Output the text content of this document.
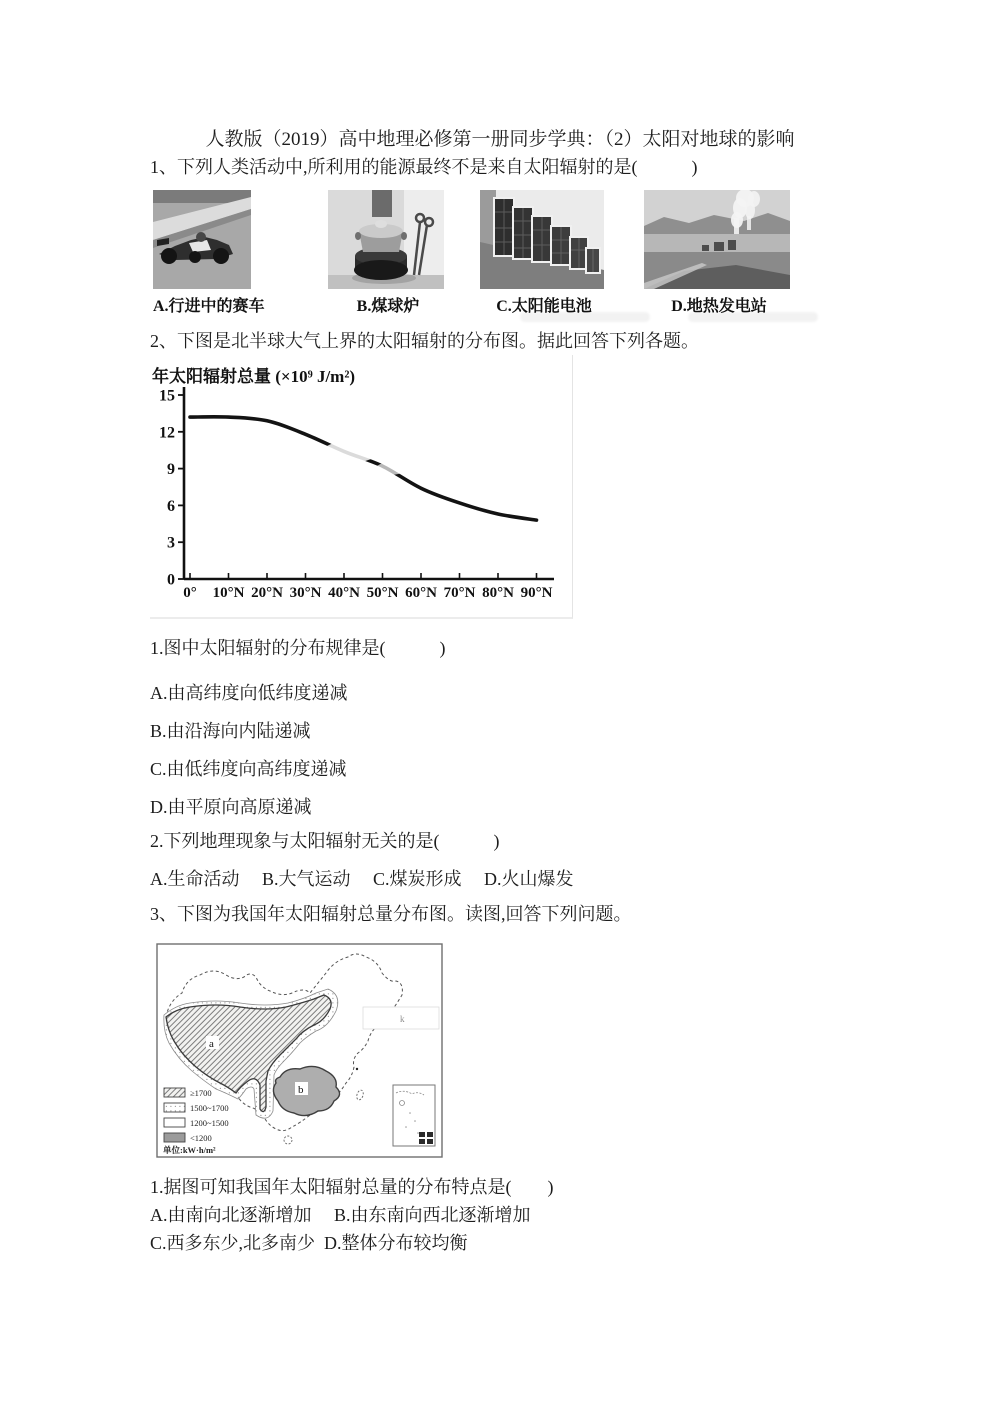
人教版（2019）高中地理必修第一册同步学典：（2）太阳对地球的影响
1、下列人类活动中,所利用的能源最终不是来自太阳辐射的是(　　　)
A.行进中的赛车	B.煤球炉	C.太阳能电池	D.地热发电站
2、下图是北半球大气上界的太阳辐射的分布图。据此回答下列各题。
年太阳辐射总量 (×10⁹ J/m²)
0
3
6
9
12
15
0° 10°N 20°N 30°N 40°N 50°N 60°N 70°N 80°N 90°N
1.图中太阳辐射的分布规律是(　　　)
A.由高纬度向低纬度递减
B.由沿海向内陆递减
C.由低纬度向高纬度递减
D.由平原向高原递减
2.下列地理现象与太阳辐射无关的是(　　　)
A.生命活动　 B.大气运动 　C.煤炭形成 　D.火山爆发
3、下图为我国年太阳辐射总量分布图。读图,回答下列问题。
k
a
b
≥1700
1500~1700
1200~1500
<1200
单位:kW·h/m²
1.据图可知我国年太阳辐射总量的分布特点是(　　)
A.由南向北逐渐增加 　B.由东南向西北逐渐增加
C.西多东少,北多南少  D.整体分布较均衡
